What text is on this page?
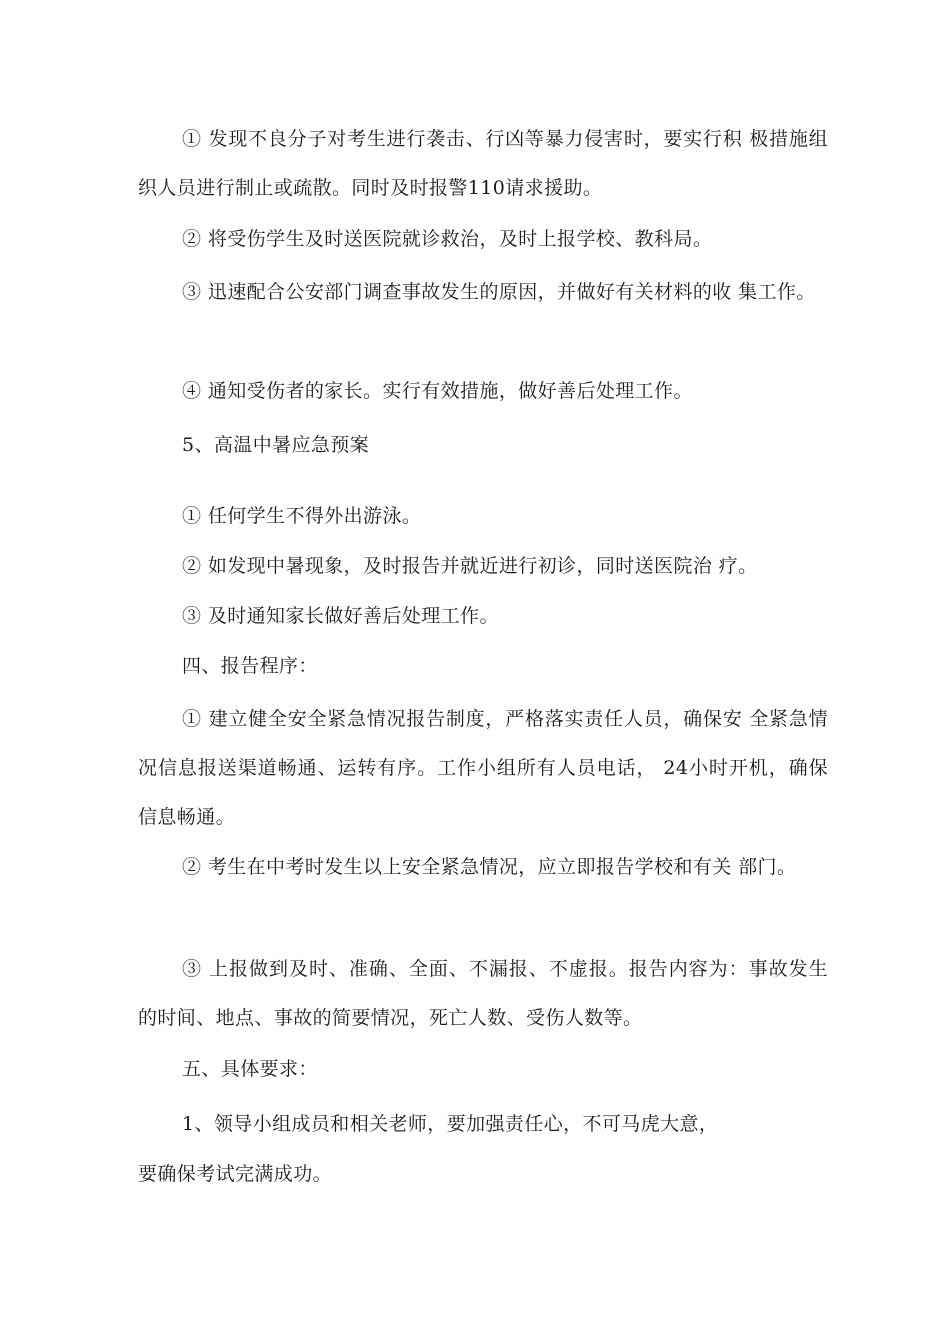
① 发现不良分子对考生进行袭击、行凶等暴力侵害时，要实行积 极措施组织人员进行制止或疏散。同时及时报警110请求援助。

② 将受伤学生及时送医院就诊救治，及时上报学校、教科局。

③ 迅速配合公安部门调查事故发生的原因，并做好有关材料的收 集工作。

④ 通知受伤者的家长。实行有效措施，做好善后处理工作。

5、高温中暑应急预案

① 任何学生不得外出游泳。

② 如发现中暑现象，及时报告并就近进行初诊，同时送医院治 疗。

③ 及时通知家长做好善后处理工作。

四、报告程序：

① 建立健全安全紧急情况报告制度，严格落实责任人员，确保安 全紧急情况信息报送渠道畅通、运转有序。工作小组所有人员电话， 24小时开机，确保信息畅通。

② 考生在中考时发生以上安全紧急情况，应立即报告学校和有关 部门。

③ 上报做到及时、准确、全面、不漏报、不虚报。报告内容为：事故发生的时间、地点、事故的简要情况，死亡人数、受伤人数等。

五、具体要求：

1、领导小组成员和相关老师，要加强责任心，不可马虎大意，

要确保考试完满成功。
